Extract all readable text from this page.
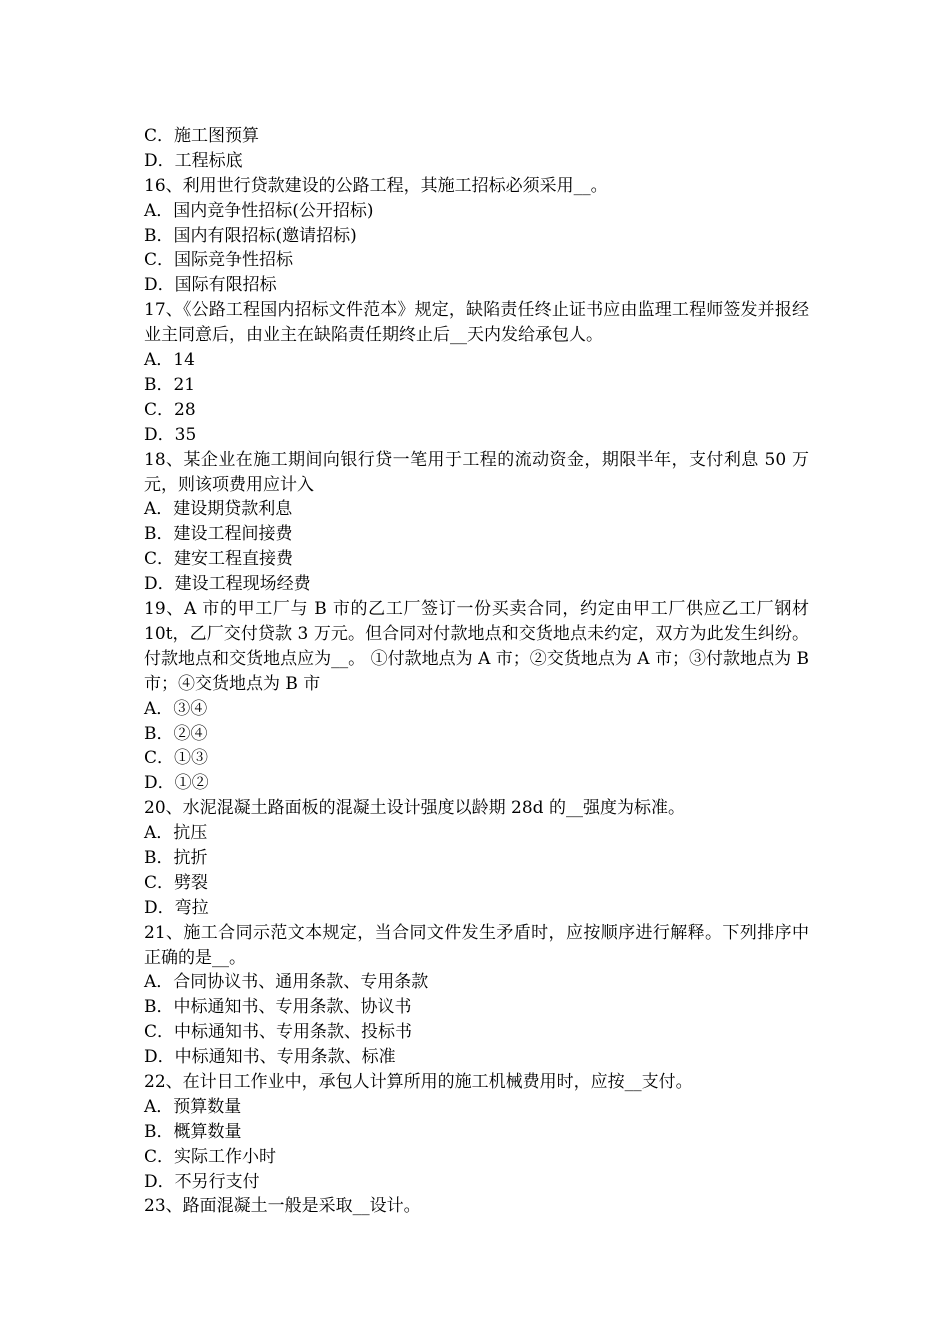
C．施工图预算
D．工程标底
16、利用世行贷款建设的公路工程，其施工招标必须采用__。
A．国内竞争性招标(公开招标)
B．国内有限招标(邀请招标)
C．国际竞争性招标
D．国际有限招标
17、《公路工程国内招标文件范本》规定，缺陷责任终止证书应由监理工程师签发并报经业主同意后，由业主在缺陷责任期终止后__天内发给承包人。
A．14
B．21
C．28
D．35
18、某企业在施工期间向银行贷一笔用于工程的流动资金，期限半年，支付利息 50 万元，则该项费用应计入
A．建设期贷款利息
B．建设工程间接费
C．建安工程直接费
D．建设工程现场经费
19、A 市的甲工厂与 B 市的乙工厂签订一份买卖合同，约定由甲工厂供应乙工厂钢材 10t，乙厂交付贷款 3 万元。但合同对付款地点和交货地点未约定，双方为此发生纠纷。付款地点和交货地点应为__。 ①付款地点为 A 市；②交货地点为 A 市；③付款地点为 B 市；④交货地点为 B 市
A．③④
B．②④
C．①③
D．①②
20、水泥混凝土路面板的混凝土设计强度以龄期 28d 的__强度为标准。
A．抗压
B．抗折
C．劈裂
D．弯拉
21、施工合同示范文本规定，当合同文件发生矛盾时，应按顺序进行解释。下列排序中正确的是__。
A．合同协议书、通用条款、专用条款
B．中标通知书、专用条款、协议书
C．中标通知书、专用条款、投标书
D．中标通知书、专用条款、标准
22、在计日工作业中，承包人计算所用的施工机械费用时，应按__支付。
A．预算数量
B．概算数量
C．实际工作小时
D．不另行支付
23、路面混凝土一般是采取__设计。
